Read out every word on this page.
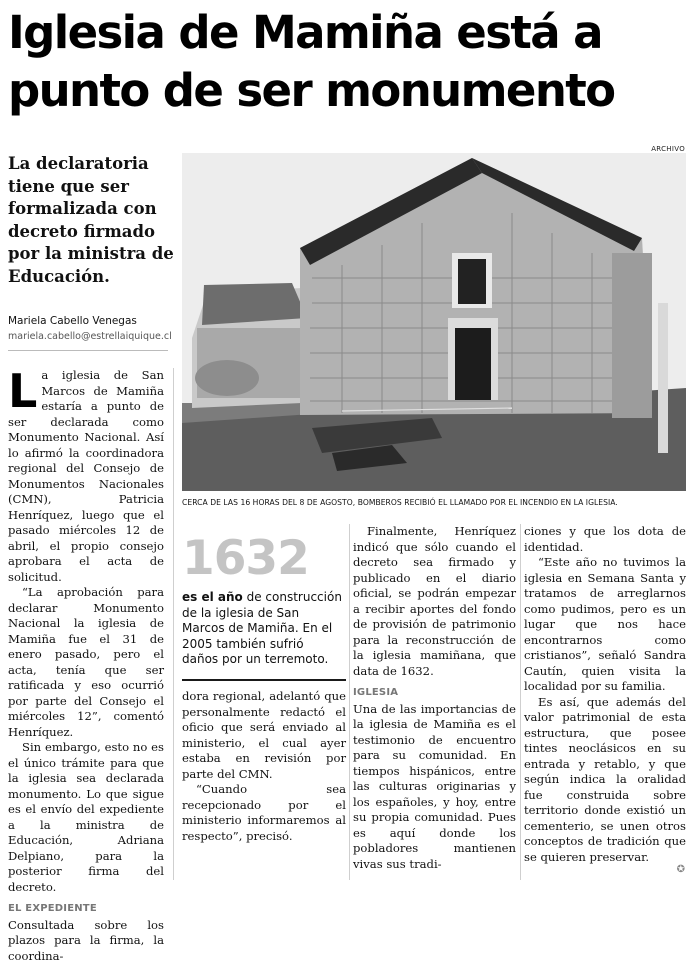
Iglesia de Mamiña está a
punto de ser monumento
ARCHIVO
La declaratoria tiene que ser formalizada con decreto firmado por la ministra de Educación.
Mariela Cabello Venegas
mariela.cabello@estrellaiquique.cl
CERCA DE LAS 16 HORAS DEL 8 DE AGOSTO, BOMBEROS RECIBIÓ EL LLAMADO POR EL INCENDIO EN LA IGLESIA.

La iglesia de San Marcos de Mamiña estaría a punto de ser declarada como Monumento Nacional. Así lo afirmó la coordinadora regional del Consejo de Monumentos Nacionales (CMN), Patricia Henríquez, luego que el pasado miércoles 12 de abril, el propio consejo aprobara el acta de solicitud.

“La aprobación para declarar Monumento Nacional la iglesia de Mamiña fue el 31 de enero pasado, pero el acta, tenía que ser ratificada y eso ocurrió por parte del Consejo el miércoles 12”, comentó Henríquez.

Sin embargo, esto no es el único trámite para que la iglesia sea declarada monumento. Lo que sigue es el envío del expediente a la ministra de Educación, Adriana Delpiano, para la posterior firma del decreto.

EL EXPEDIENTE

Consultada sobre los plazos para la firma, la coordina-

1632
es el año de construcción de la iglesia de San Marcos de Mamiña. En el 2005 también sufrió daños por un terremoto.

dora regional, adelantó que personalmente redactó el oficio que será enviado al ministerio, el cual ayer estaba en revisión por parte del CMN.

“Cuando sea recepcionado por el ministerio informaremos al respecto”, precisó.

Finalmente, Henríquez indicó que sólo cuando el decreto sea firmado y publicado en el diario oficial, se podrán empezar a recibir aportes del fondo de provisión de patrimonio para la reconstrucción de la iglesia mamiñana, que data de 1632.

IGLESIA

Una de las importancias de la iglesia de Mamiña es el testimonio de encuentro para su comunidad. En tiempos hispánicos, entre las culturas originarias y los españoles, y hoy, entre su propia comunidad. Pues es aquí donde los pobladores mantienen vivas sus tradi-

ciones y que los dota de identidad.

“Este año no tuvimos la iglesia en Semana Santa y tratamos de arreglarnos como pudimos, pero es un lugar que nos hace encontrarnos como cristianos”, señaló Sandra Cautín, quien visita la localidad por su familia.

Es así, que además del valor patrimonial de esta estructura, que posee tintes neoclásicos en su entrada y retablo, y que según indica la oralidad fue construida sobre territorio donde existió un cementerio, se unen otros conceptos de tradición que se quieren preservar.

✪
